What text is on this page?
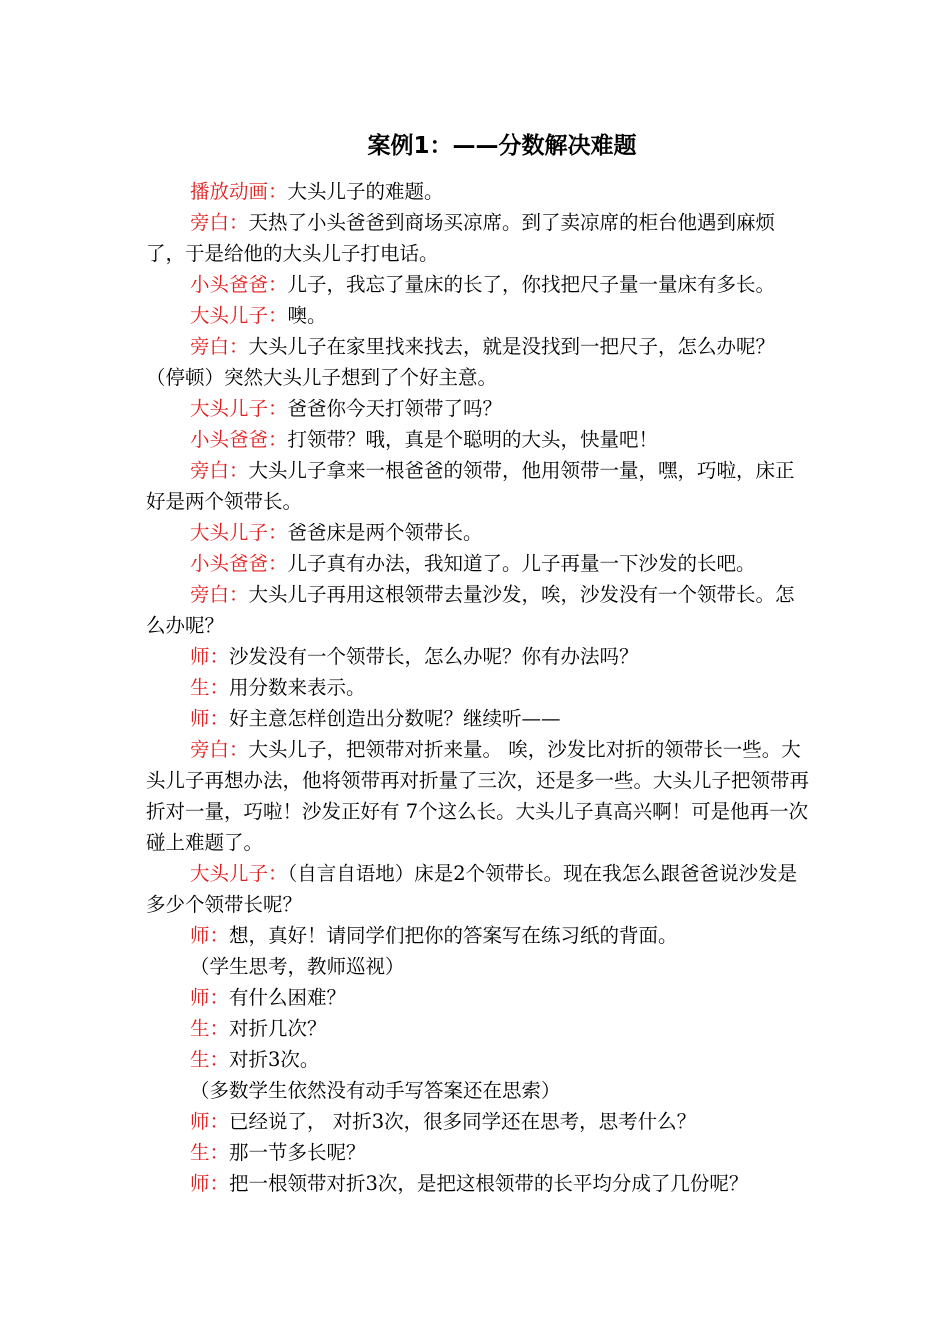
案例1：——分数解决难题

播放动画：大头儿子的难题。

旁白：天热了小头爸爸到商场买凉席。到了卖凉席的柜台他遇到麻烦了，于是给他的大头儿子打电话。

小头爸爸：儿子，我忘了量床的长了，你找把尺子量一量床有多长。

大头儿子：噢。

旁白：大头儿子在家里找来找去，就是没找到一把尺子，怎么办呢？（停顿）突然大头儿子想到了个好主意。

大头儿子：爸爸你今天打领带了吗？

小头爸爸：打领带？哦，真是个聪明的大头，快量吧！

旁白：大头儿子拿来一根爸爸的领带，他用领带一量，嘿，巧啦，床正好是两个领带长。

大头儿子：爸爸床是两个领带长。

小头爸爸：儿子真有办法，我知道了。儿子再量一下沙发的长吧。

旁白：大头儿子再用这根领带去量沙发，唉，沙发没有一个领带长。怎么办呢？

师：沙发没有一个领带长，怎么办呢？你有办法吗？

生：用分数来表示。

师：好主意怎样创造出分数呢？继续听——

旁白：大头儿子，把领带对折来量。 唉，沙发比对折的领带长一些。大头儿子再想办法，他将领带再对折量了三次，还是多一些。大头儿子把领带再折对一量，巧啦！沙发正好有 7个这么长。大头儿子真高兴啊！可是他再一次碰上难题了。

大头儿子：（自言自语地）床是2个领带长。现在我怎么跟爸爸说沙发是多少个领带长呢？

师：想，真好！请同学们把你的答案写在练习纸的背面。

（学生思考，教师巡视）

师：有什么困难？

生：对折几次？

生：对折3次。

（多数学生依然没有动手写答案还在思索）

师：已经说了， 对折3次，很多同学还在思考，思考什么？

生：那一节多长呢？

师：把一根领带对折3次，是把这根领带的长平均分成了几份呢？
